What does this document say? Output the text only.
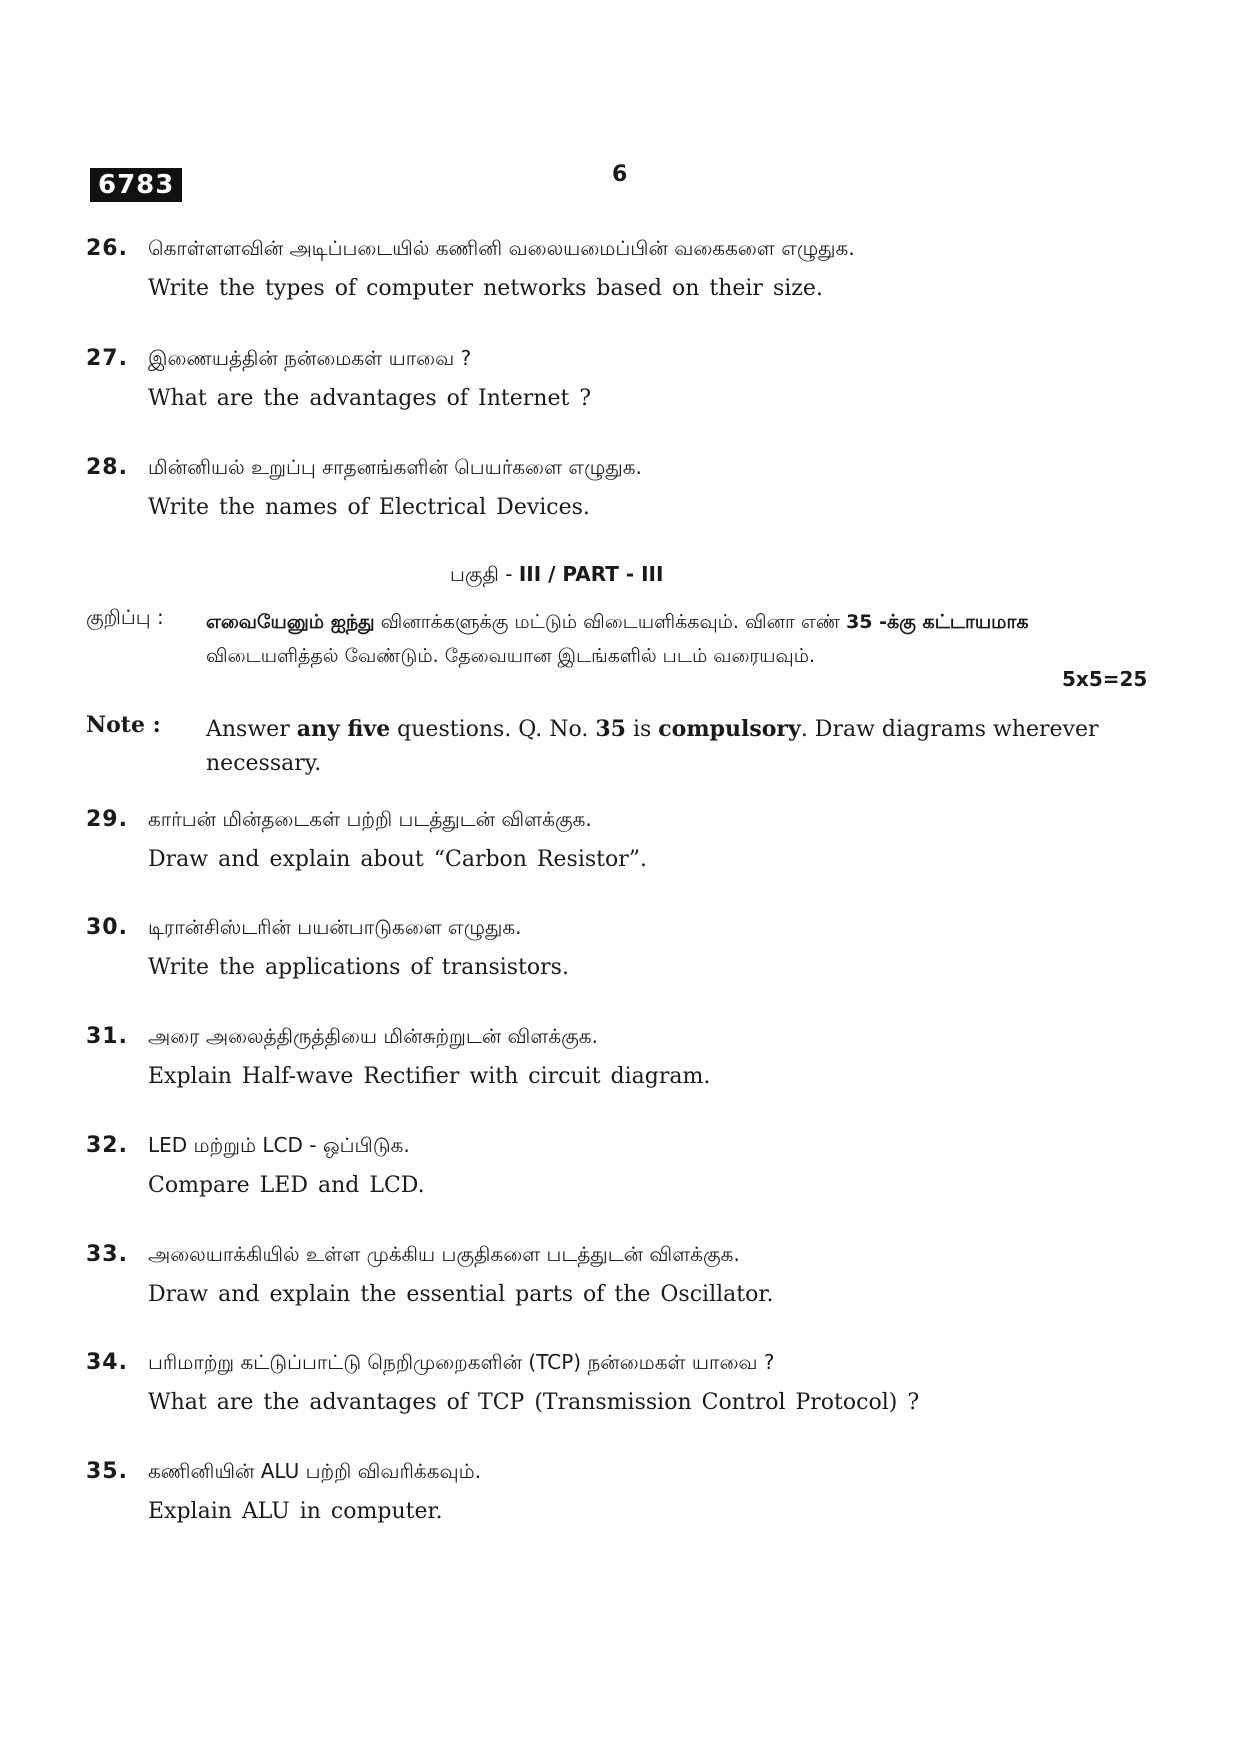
6783	6
26. கொள்ளளவின் அடிப்படையில் கணினி வலையமைப்பின் வகைகளை எழுதுக.
Write the types of computer networks based on their size.
27. இணையத்தின் நன்மைகள் யாவை ?
What are the advantages of Internet ?
28. மின்னியல் உறுப்பு சாதனங்களின் பெயர்களை எழுதுக.
Write the names of Electrical Devices.
பகுதி - III / PART - III
குறிப்பு : எவையேனும் ஐந்து வினாக்களுக்கு மட்டும் விடையளிக்கவும். வினா எண் 35 -க்கு கட்டாயமாக விடையளித்தல் வேண்டும். தேவையான இடங்களில் படம் வரையவும்.
5x5=25
Note : Answer any five questions. Q. No. 35 is compulsory. Draw diagrams wherever necessary.
29. கார்பன் மின்தடைகள் பற்றி படத்துடன் விளக்குக.
Draw and explain about “Carbon Resistor”.
30. டிரான்சிஸ்டரின் பயன்பாடுகளை எழுதுக.
Write the applications of transistors.
31. அரை அலைத்திருத்தியை மின்சுற்றுடன் விளக்குக.
Explain Half-wave Rectifier with circuit diagram.
32. LED மற்றும் LCD - ஒப்பிடுக.
Compare LED and LCD.
33. அலையாக்கியில் உள்ள முக்கிய பகுதிகளை படத்துடன் விளக்குக.
Draw and explain the essential parts of the Oscillator.
34. பரிமாற்று கட்டுப்பாட்டு நெறிமுறைகளின் (TCP) நன்மைகள் யாவை ?
What are the advantages of TCP (Transmission Control Protocol) ?
35. கணினியின் ALU பற்றி விவரிக்கவும்.
Explain ALU in computer.
